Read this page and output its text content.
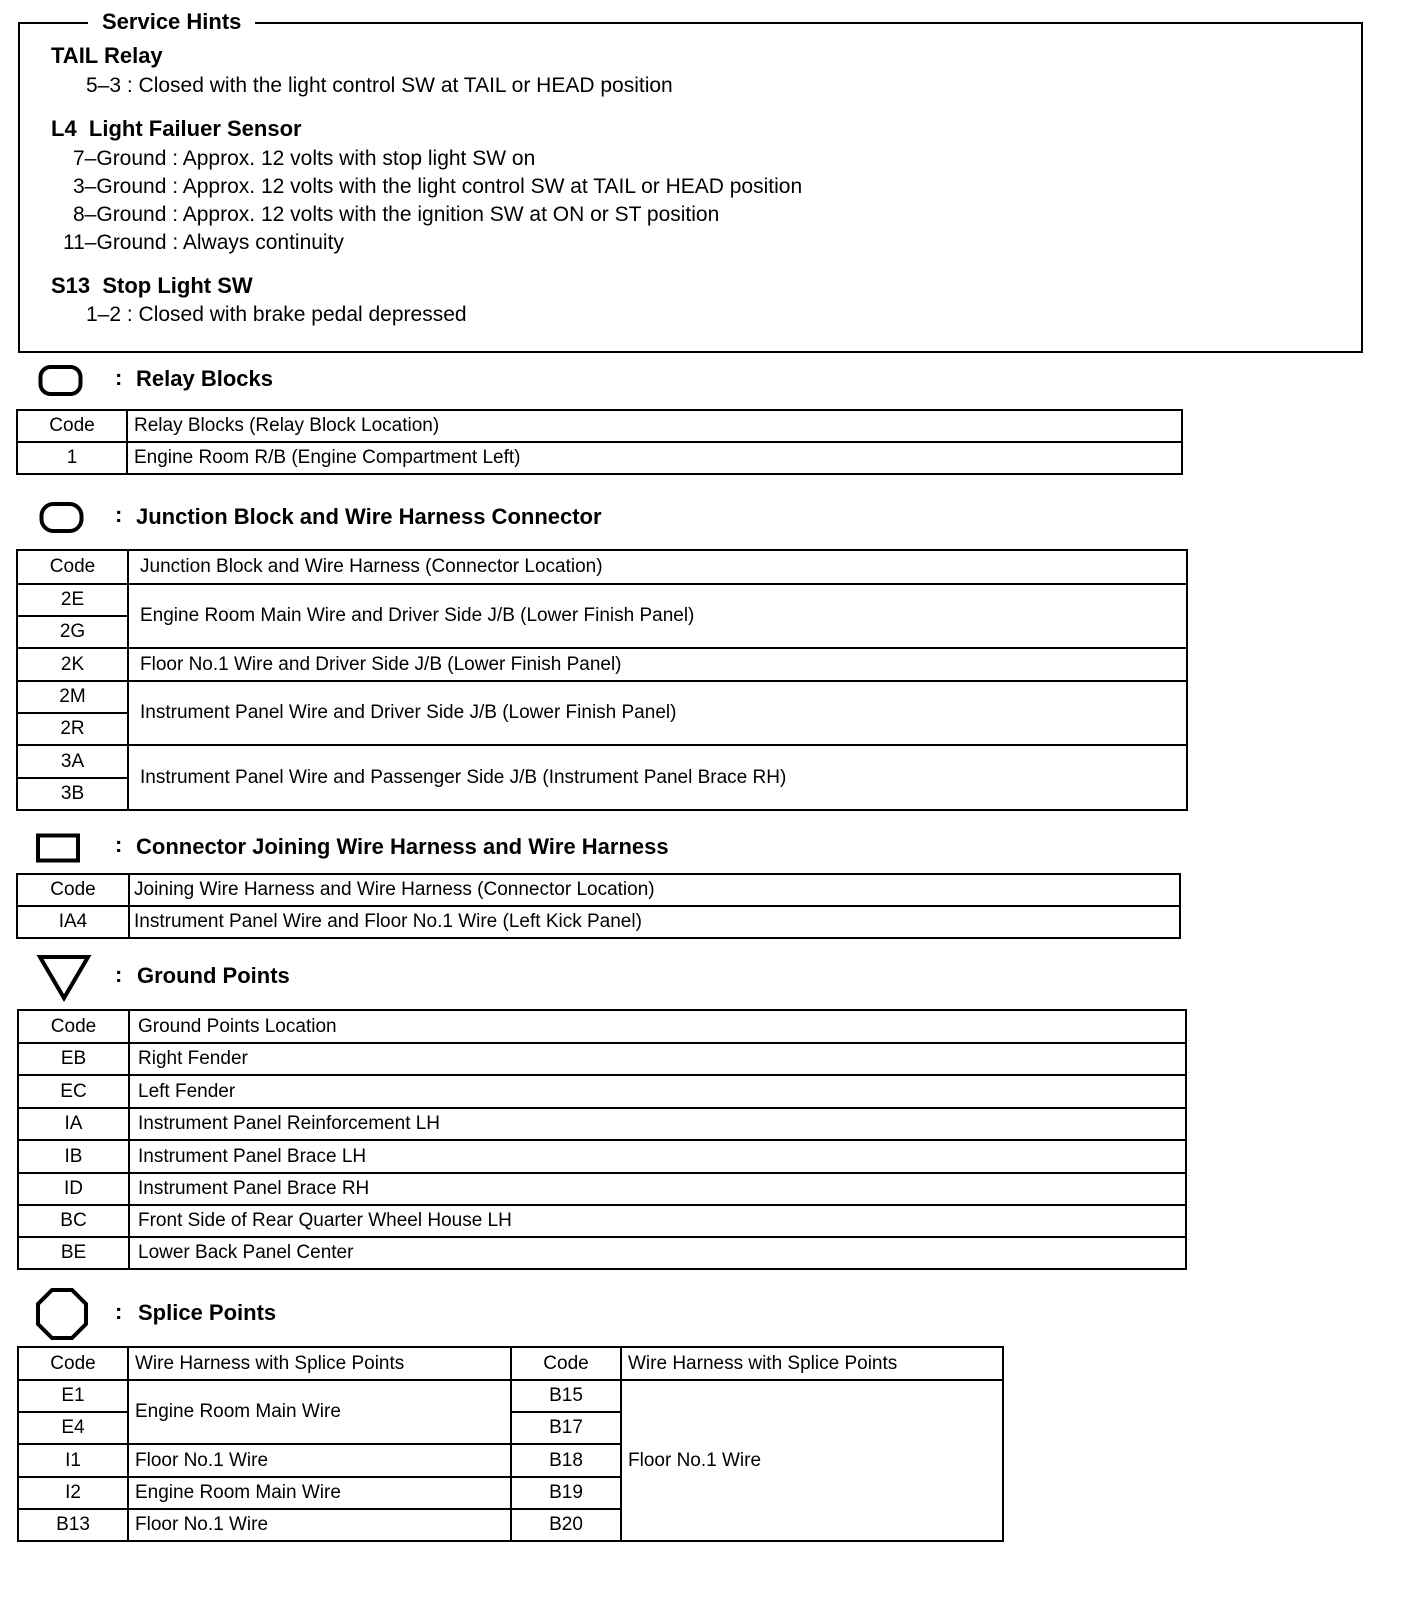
Service Hints
TAIL Relay
5–3 : Closed with the light control SW at TAIL or HEAD position
L4  Light Failuer Sensor
7–Ground : Approx. 12 volts with stop light SW on
3–Ground : Approx. 12 volts with the light control SW at TAIL or HEAD position
8–Ground : Approx. 12 volts with the ignition SW at ON or ST position
11–Ground : Always continuity
S13  Stop Light SW
1–2 : Closed with brake pedal depressed
: Relay Blocks
Code	Relay Blocks (Relay Block Location)
1	Engine Room R/B (Engine Compartment Left)
: Junction Block and Wire Harness Connector
Code	Junction Block and Wire Harness (Connector Location)
2E	Engine Room Main Wire and Driver Side J/B (Lower Finish Panel)
2G	
2K	Floor No.1 Wire and Driver Side J/B (Lower Finish Panel)
2M	Instrument Panel Wire and Driver Side J/B (Lower Finish Panel)
2R	
3A	Instrument Panel Wire and Passenger Side J/B (Instrument Panel Brace RH)
3B	
: Connector Joining Wire Harness and Wire Harness
Code	Joining Wire Harness and Wire Harness (Connector Location)
IA4	Instrument Panel Wire and Floor No.1 Wire (Left Kick Panel)
: Ground Points
Code	Ground Points Location
EB	Right Fender
EC	Left Fender
IA	Instrument Panel Reinforcement LH
IB	Instrument Panel Brace LH
ID	Instrument Panel Brace RH
BC	Front Side of Rear Quarter Wheel House LH
BE	Lower Back Panel Center
: Splice Points
Code	Wire Harness with Splice Points	Code	Wire Harness with Splice Points
E1	Engine Room Main Wire	B15	Floor No.1 Wire
E4		B17	
I1	Floor No.1 Wire	B18	
I2	Engine Room Main Wire	B19	
B13	Floor No.1 Wire	B20	
